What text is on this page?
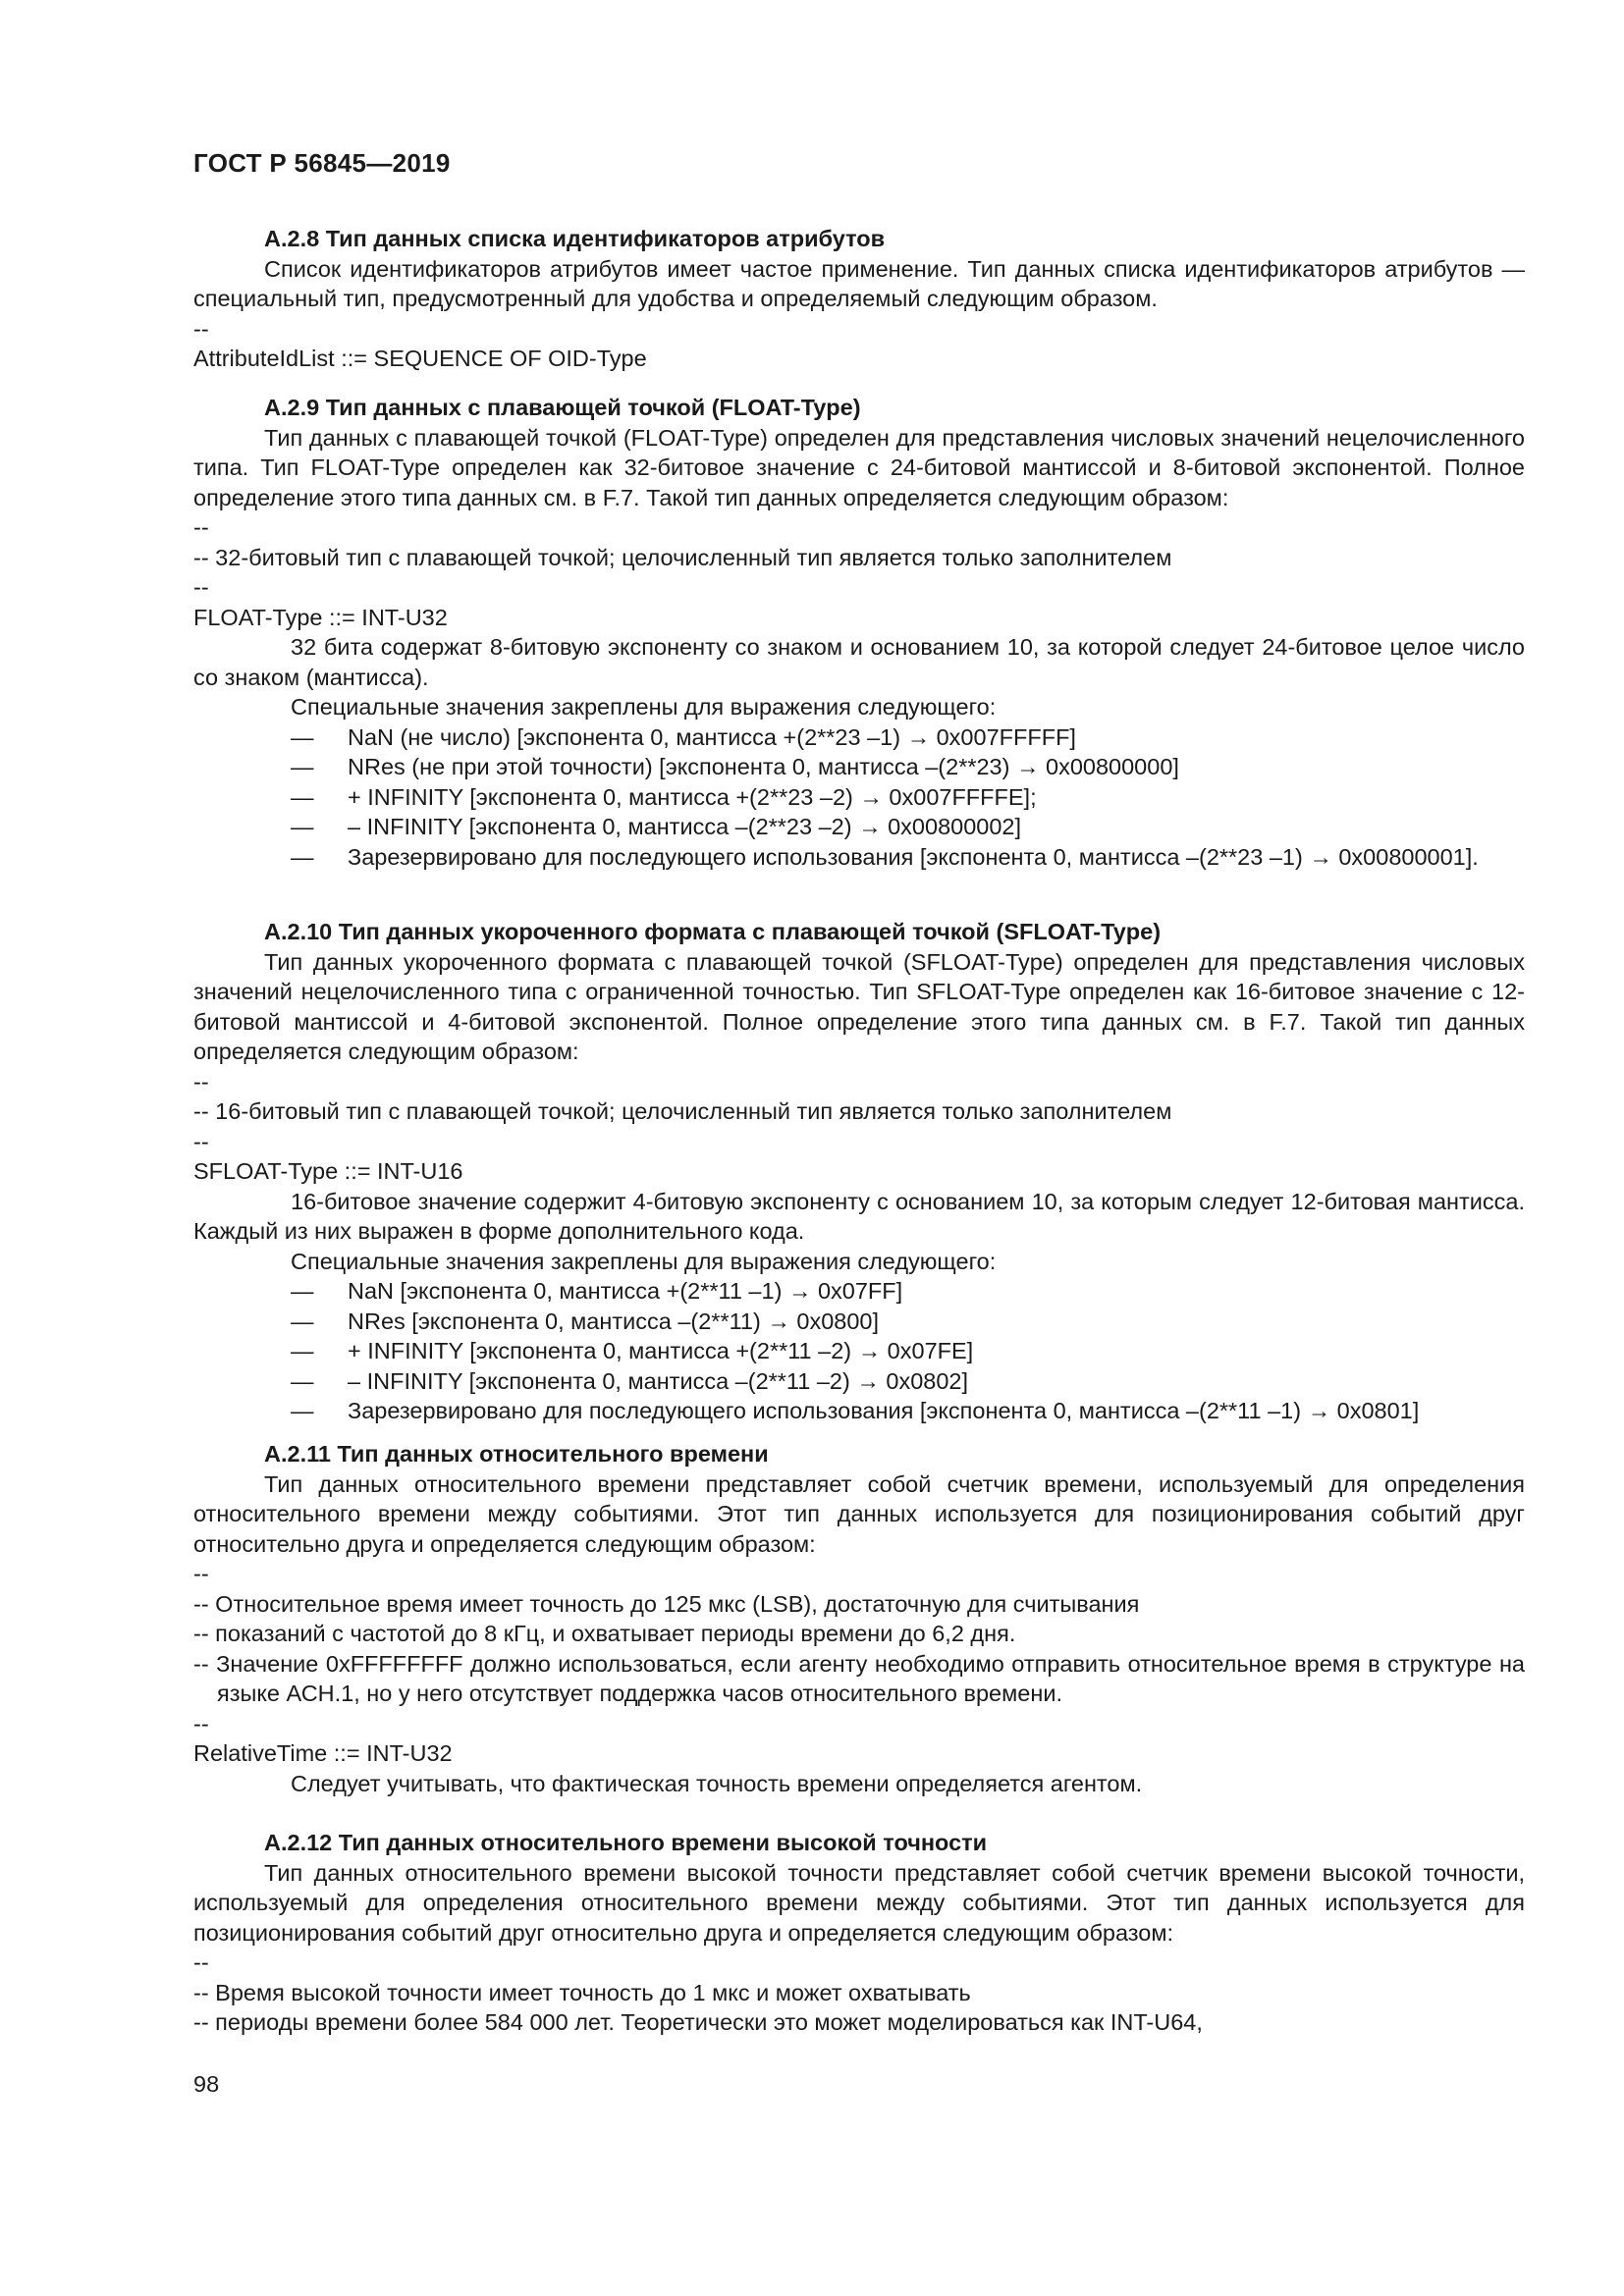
ГОСТ Р 56845—2019
A.2.8 Тип данных списка идентификаторов атрибутов

Список идентификаторов атрибутов имеет частое применение. Тип данных списка идентификаторов атрибутов — специальный тип, предусмотренный для удобства и определяемый следующим образом.

--

AttributeIdList ::= SEQUENCE OF OID-Type

A.2.9 Тип данных с плавающей точкой (FLOAT-Type)

Тип данных с плавающей точкой (FLOAT-Type) определен для представления числовых значений нецелочисленного типа. Тип FLOAT-Type определен как 32-битовое значение с 24-битовой мантиссой и 8-битовой экспонентой. Полное определение этого типа данных см. в F.7. Такой тип данных определяется следующим образом:

--

-- 32-битовый тип с плавающей точкой; целочисленный тип является только заполнителем

--

FLOAT-Type ::= INT-U32

32 бита содержат 8-битовую экспоненту со знаком и основанием 10, за которой следует 24-битовое целое число со знаком (мантисса).

Специальные значения закреплены для выражения следующего:

—	NaN (не число) [экспонента 0, мантисса +(2**23 –1) → 0x007FFFFF]
—	NRes (не при этой точности) [экспонента 0, мантисса –(2**23) → 0x00800000]
—	+ INFINITY [экспонента 0, мантисса +(2**23 –2) → 0x007FFFFE];
—	– INFINITY [экспонента 0, мантисса –(2**23 –2) → 0x00800002]

— Зарезервировано для последующего использования [экспонента 0, мантисса –(2**23 –1) → 0x00800001].

A.2.10 Тип данных укороченного формата с плавающей точкой (SFLOAT-Type)

Тип данных укороченного формата с плавающей точкой (SFLOAT-Type) определен для представления числовых значений нецелочисленного типа с ограниченной точностью. Тип SFLOAT-Type определен как 16-битовое значение с 12-битовой мантиссой и 4-битовой экспонентой. Полное определение этого типа данных см. в F.7. Такой тип данных определяется следующим образом:

--

-- 16-битовый тип с плавающей точкой; целочисленный тип является только заполнителем

--

SFLOAT-Type ::= INT-U16

16-битовое значение содержит 4-битовую экспоненту с основанием 10, за которым следует 12-битовая мантисса. Каждый из них выражен в форме дополнительного кода.

Специальные значения закреплены для выражения следующего:

—	NaN [экспонента 0, мантисса +(2**11 –1) → 0x07FF]
—	NRes [экспонента 0, мантисса –(2**11) → 0x0800]
—	+ INFINITY [экспонента 0, мантисса +(2**11 –2) → 0x07FE]
—	– INFINITY [экспонента 0, мантисса –(2**11 –2) → 0x0802]
—	Зарезервировано для последующего использования [экспонента 0, мантисса –(2**11 –1) → 0x0801]
A.2.11 Тип данных относительного времени

Тип данных относительного времени представляет собой счетчик времени, используемый для определения относительного времени между событиями. Этот тип данных используется для позиционирования событий друг относительно друга и определяется следующим образом:

--

-- Относительное время имеет точность до 125 мкс (LSB), достаточную для считывания

-- показаний с частотой до 8 кГц, и охватывает периоды времени до 6,2 дня.

-- Значение 0xFFFFFFFF должно использоваться, если агенту необходимо отправить относительное время в структуре на языке АСН.1, но у него отсутствует поддержка часов относительного времени.

--

RelativeTime ::= INT-U32

Следует учитывать, что фактическая точность времени определяется агентом.

A.2.12 Тип данных относительного времени высокой точности

Тип данных относительного времени высокой точности представляет собой счетчик времени высокой точности, используемый для определения относительного времени между событиями. Этот тип данных используется для позиционирования событий друг относительно друга и определяется следующим образом:

--

-- Время высокой точности имеет точность до 1 мкс и может охватывать

-- периоды времени более 584 000 лет. Теоретически это может моделироваться как INT-U64,

98
